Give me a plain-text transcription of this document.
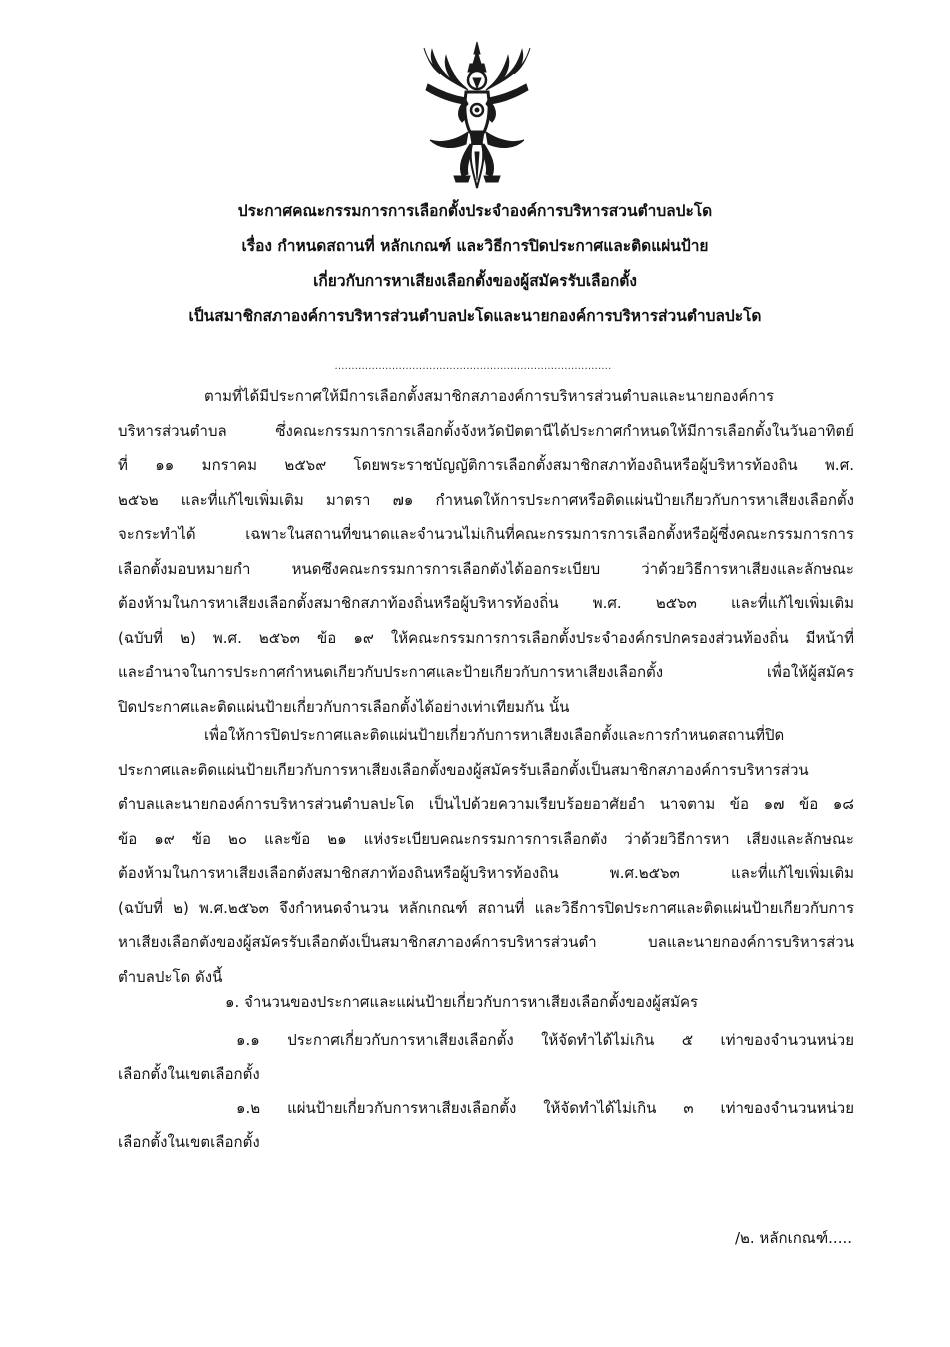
ประกาศคณะกรรมการการเลือกตั้งประจำองค์การบริหารสวนตำบลปะโด
เรื่อง กำหนดสถานที่ หลักเกณฑ์ และวิธีการปิดประกาศและติดแผ่นป้าย
เกี่ยวกับการหาเสียงเลือกตั้งของผู้สมัครรับเลือกตั้ง
เป็นสมาชิกสภาองค์การบริหารส่วนตำบลปะโดและนายกองค์การบริหารส่วนตำบลปะโด
..................................................................................
ตามที่ได้มีประกาศให้มีการเลือกตั้งสมาชิกสภาองค์การบริหารส่วนตำบลและนายกองค์การ
บริหารส่วนตำบล ซึ่งคณะกรรมการการเลือกตั้งจังหวัดปัตตานีได้ประกาศกำหนดให้มีการเลือกตั้งในวันอาทิตย์
ที่ ๑๑ มกราคม ๒๕๖๙ โดยพระราชบัญญัติการเลือกตั้งสมาชิกสภาท้องถินหรือผู้บริหารท้องถิน พ.ศ.
๒๕๖๒ และที่แก้ไขเพิ่มเติม มาตรา ๗๑ กำหนดให้การประกาศหรือติดแผ่นป้ายเกียวกับการหาเสียงเลือกตั้ง
จะกระทำได้ เฉพาะในสถานที่ขนาดและจำนวนไม่เกินที่คณะกรรมการการเลือกตั้งหรือผู้ซึ่งคณะกรรมการการ
เลือกตั้งมอบหมายกำ หนดซึงคณะกรรมการการเลือกตังได้ออกระเบียบ ว่าด้วยวิธีการหาเสียงและลักษณะ
ต้องห้ามในการหาเสียงเลือกตั้งสมาชิกสภาท้องถิ่นหรือผู้บริหารท้องถิ่น พ.ศ. ๒๕๖๓ และที่แก้ไขเพิ่มเติม
(ฉบับที่ ๒) พ.ศ. ๒๕๖๓ ข้อ ๑๙ ให้คณะกรรมการการเลือกตั้งประจำองค์กรปกครองส่วนท้องถิ่น มีหน้าที่
และอำนาจในการประกาศกำหนดเกียวกับประกาศและป้ายเกียวกับการหาเสียงเลือกตั้ง เพื่อให้ผู้สมัคร
ปิดประกาศและติดแผ่นป้ายเกี่ยวกับการเลือกตั้งได้อย่างเท่าเทียมกัน นั้น
เพื่อให้การปิดประกาศและติดแผ่นป้ายเกี่ยวกับการหาเสียงเลือกตั้งและการกำหนดสถานที่ปิด
ประกาศและติดแผ่นป้ายเกียวกับการหาเสียงเลือกตั้งของผู้สมัครรับเลือกตั้งเป็นสมาชิกสภาองค์การบริหารส่วน
ตำบลและนายกองค์การบริหารส่วนตำบลปะโด เป็นไปด้วยความเรียบร้อยอาศัยอำ นาจตาม ข้อ ๑๗ ข้อ ๑๘
ข้อ ๑๙ ข้อ ๒๐ และข้อ ๒๑ แห่งระเบียบคณะกรรมการการเลือกตัง ว่าด้วยวิธีการหา เสียงและลักษณะ
ต้องห้ามในการหาเสียงเลือกตังสมาชิกสภาท้องถินหรือผู้บริหารท้องถิน พ.ศ.๒๕๖๓ และที่แก้ไขเพิ่มเติม
(ฉบับที่ ๒) พ.ศ.๒๕๖๓ จึงกำหนดจำนวน หลักเกณฑ์ สถานที่ และวิธีการปิดประกาศและติดแผ่นป้ายเกียวกับการ
หาเสียงเลือกตังของผู้สมัครรับเลือกตังเป็นสมาชิกสภาองค์การบริหารส่วนตำ บลและนายกองค์การบริหารส่วน
ตำบลปะโด ดังนี้
๑. จำนวนของประกาศและแผ่นป้ายเกี่ยวกับการหาเสียงเลือกตั้งของผู้สมัคร
๑.๑ ประกาศเกี่ยวกับการหาเสียงเลือกตั้ง ให้จัดทำได้ไม่เกิน ๕ เท่าของจำนวนหน่วย
เลือกตั้งในเขตเลือกตั้ง
๑.๒ แผ่นป้ายเกี่ยวกับการหาเสียงเลือกตั้ง ให้จัดทำได้ไม่เกิน ๓ เท่าของจำนวนหน่วย
เลือกตั้งในเขตเลือกตั้ง
/๒. หลักเกณฑ์.....
